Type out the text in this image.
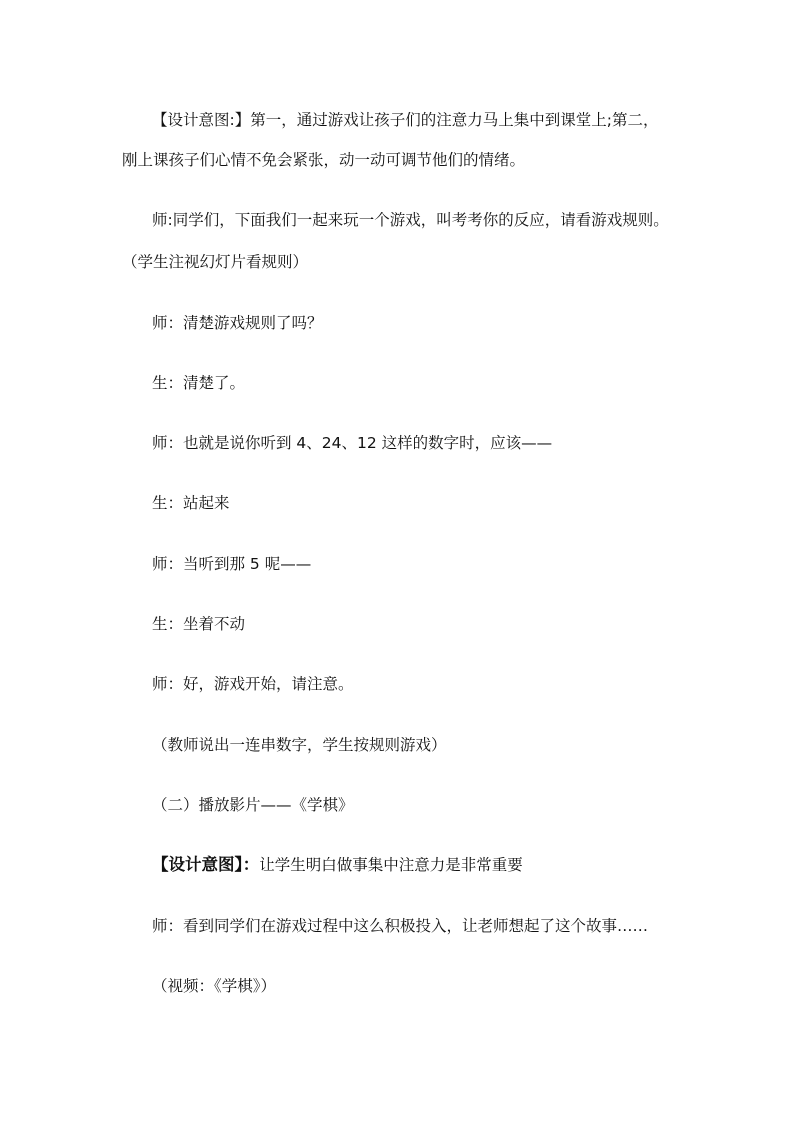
【设计意图:】第一，通过游戏让孩子们的注意力马上集中到课堂上;第二，
刚上课孩子们心情不免会紧张，动一动可调节他们的情绪。
师:同学们，下面我们一起来玩一个游戏，叫考考你的反应，请看游戏规则。
（学生注视幻灯片看规则）
师：清楚游戏规则了吗？
生：清楚了。
师：也就是说你听到 4、24、12 这样的数字时，应该——
生：站起来
师：当听到那 5 呢——
生：坐着不动
师：好，游戏开始，请注意。
（教师说出一连串数字，学生按规则游戏）
（二）播放影片——《学棋》
【设计意图】：让学生明白做事集中注意力是非常重要
师：看到同学们在游戏过程中这么积极投入，让老师想起了这个故事……
（视频：《学棋》）
